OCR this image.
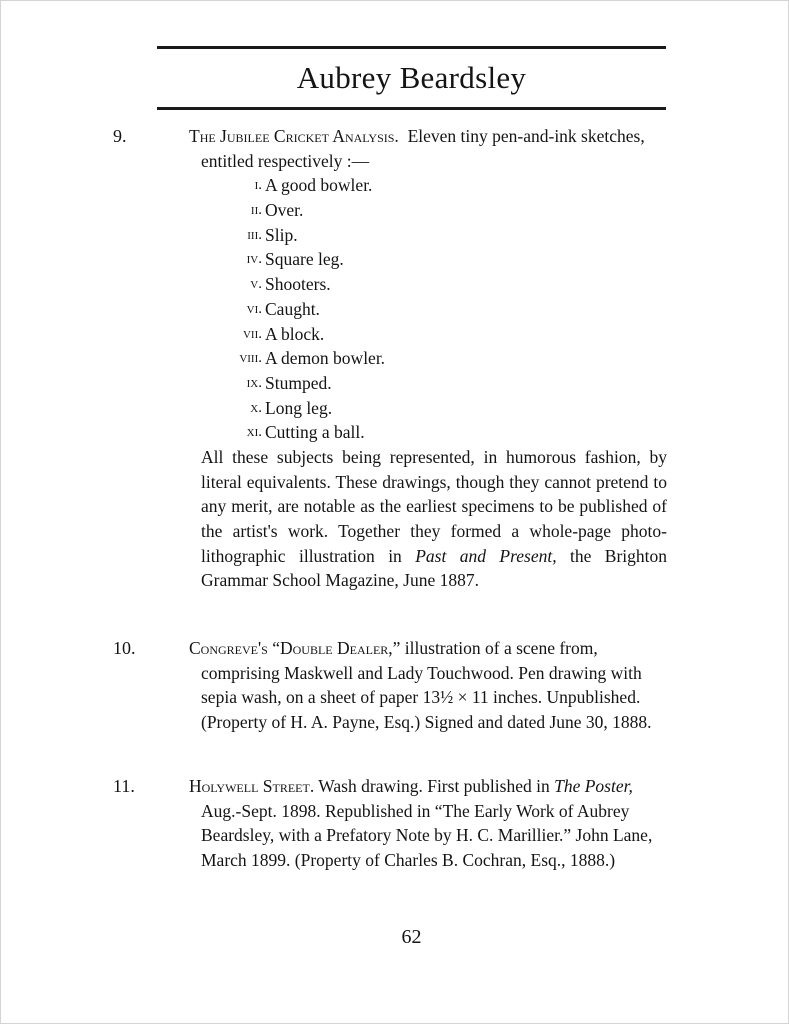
Aubrey Beardsley

9.	The Jubilee Cricket Analysis. Eleven tiny pen-and-ink sketches, entitled respectively :—

i. A good bowler.
ii. Over.
iii. Slip.
iv. Square leg.
v. Shooters.
vi. Caught.
vii. A block.
viii. A demon bowler.
ix. Stumped.
x. Long leg.
xi. Cutting a ball.

All these subjects being represented, in humorous fashion, by literal equivalents. These drawings, though they cannot pretend to any merit, are notable as the earliest specimens to be published of the artist's work. Together they formed a whole-page photo-lithographic illustration in Past and Present, the Brighton Grammar School Magazine, June 1887.

10.	Congreve's “Double Dealer,” illustration of a scene from, comprising Maskwell and Lady Touchwood. Pen drawing with sepia wash, on a sheet of paper 13½ × 11 inches. Unpublished. (Property of H. A. Payne, Esq.) Signed and dated June 30, 1888.

11.	Holywell Street. Wash drawing. First published in The Poster, Aug.-Sept. 1898. Republished in “The Early Work of Aubrey Beardsley, with a Prefatory Note by H. C. Marillier.” John Lane, March 1899. (Property of Charles B. Cochran, Esq., 1888.)

62
